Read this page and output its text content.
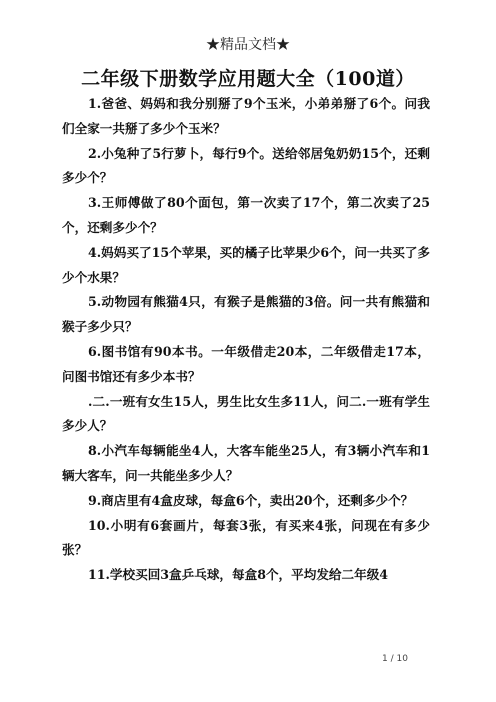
★精品文档★
二年级下册数学应用题大全（100道）

1.爸爸、妈妈和我分别掰了9个玉米，小弟弟掰了6个。问我们全家一共掰了多少个玉米？

2.小兔种了5行萝卜，每行9个。送给邻居兔奶奶15个，还剩多少个？

3.王师傅做了80个面包，第一次卖了17个，第二次卖了25个，还剩多少个？

4.妈妈买了15个苹果，买的橘子比苹果少6个，问一共买了多少个水果？

5.动物园有熊猫4只，有猴子是熊猫的3倍。问一共有熊猫和猴子多少只？

6.图书馆有90本书。一年级借走20本，二年级借走17本，问图书馆还有多少本书？

.二.一班有女生15人，男生比女生多11人，问二.一班有学生多少人？

8.小汽车每辆能坐4人，大客车能坐25人，有3辆小汽车和1辆大客车，问一共能坐多少人？

9.商店里有4盒皮球，每盒6个，卖出20个，还剩多少个？

10.小明有6套画片，每套3张，有买来4张，问现在有多少张？

11.学校买回3盒乒乓球，每盒8个，平均发给二年级4

1 / 10
